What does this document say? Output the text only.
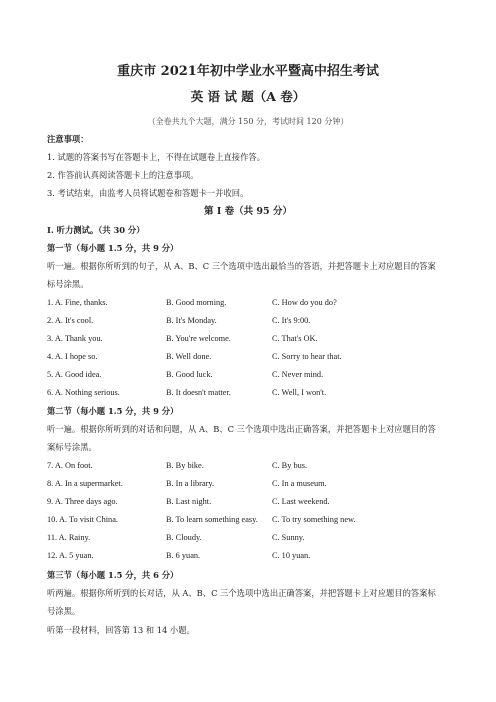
重庆市 2021年初中学业水平暨高中招生考试
英 语 试 题（A 卷）
（全卷共九个大题，满分 150 分，考试时间 120 分钟）
注意事项：
1. 试题的答案书写在答题卡上，不得在试题卷上直接作答。
2. 作答前认真阅读答题卡上的注意事项。
3. 考试结束，由监考人员将试题卷和答题卡一并收回。
第 I 卷（共 95 分）
I. 听力测试。（共 30 分）
第一节（每小题 1.5 分，共 9 分）
听一遍。根据你所听到的句子，从 A、B、C 三个选项中选出最恰当的答语，并把答题卡上对应题目的答案
标号涂黑。
1. A. Fine, thanks.	B. Good morning.	C. How do you do?
2. A. It's cool.	B. It's Monday.	C. It's 9:00.
3. A. Thank you.	B. You're welcome.	C. That's OK.
4. A. I hope so.	B. Well done.	C. Sorry to hear that.
5. A. Good idea.	B. Good luck.	C. Never mind.
6. A. Nothing serious.	B. It doesn't matter.	C. Well, I won't.
第二节（每小题 1.5 分，共 9 分）
听一遍。根据你所听到的对话和问题，从 A、B、C 三个选项中选出正确答案，并把答题卡上对应题目的答
案标号涂黑。
7. A. On foot.	B. By bike.	C. By bus.
8. A. In a supermarket.	B. In a library.	C. In a museum.
9. A. Three days ago.	B. Last night.	C. Last weekend.
10. A. To visit China.	B. To learn something easy. C. To try something new.
11. A. Rainy.	B. Cloudy.	C. Sunny.
12. A. 5 yuan.	B. 6 yuan.	C. 10 yuan.
第三节（每小题 1.5 分，共 6 分）
听两遍。根据你所听到的长对话，从 A、B、C 三个选项中选出正确答案，并把答题卡上对应题目的答案标
号涂黑。
听第一段材料，回答第 13 和 14 小题。
